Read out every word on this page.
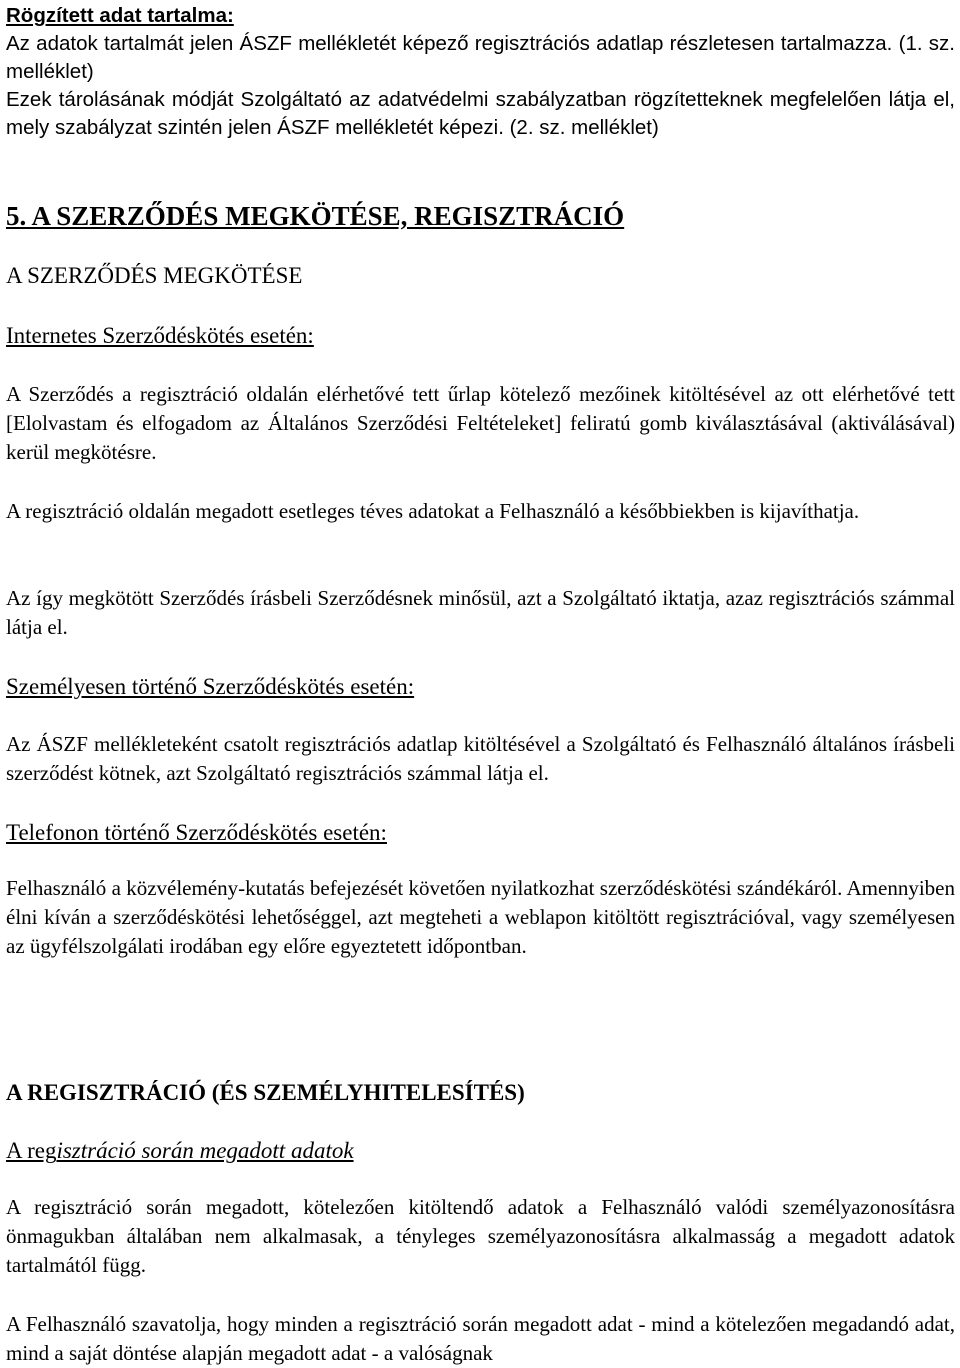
Rögzített adat tartalma:

Az adatok tartalmát jelen ÁSZF mellékletét képező regisztrációs adatlap részletesen tartalmazza. (1. sz. melléklet)

Ezek tárolásának módját Szolgáltató az adatvédelmi szabályzatban rögzítetteknek megfelelően látja el, mely szabályzat szintén jelen ÁSZF mellékletét képezi. (2. sz. melléklet)

5. A SZERZŐDÉS MEGKÖTÉSE, REGISZTRÁCIÓ

A SZERZŐDÉS MEGKÖTÉSE

Internetes Szerződéskötés esetén:

A Szerződés a regisztráció oldalán elérhetővé tett űrlap kötelező mezőinek kitöltésével az ott elérhetővé tett [Elolvastam és elfogadom az Általános Szerződési Feltételeket] feliratú gomb kiválasztásával (aktiválásával) kerül megkötésre.

A regisztráció oldalán megadott esetleges téves adatokat a Felhasználó a későbbiekben is kijavíthatja.

Az így megkötött Szerződés írásbeli Szerződésnek minősül, azt a Szolgáltató iktatja, azaz regisztrációs számmal látja el.

Személyesen történő Szerződéskötés esetén:

Az ÁSZF mellékleteként csatolt regisztrációs adatlap kitöltésével a Szolgáltató és Felhasználó általános írásbeli szerződést kötnek, azt Szolgáltató regisztrációs számmal látja el.

Telefonon történő Szerződéskötés esetén:

Felhasználó a közvélemény-kutatás befejezését követően nyilatkozhat szerződéskötési szándékáról. Amennyiben élni kíván a szerződéskötési lehetőséggel, azt megteheti a weblapon kitöltött regisztrációval, vagy személyesen az ügyfélszolgálati irodában egy előre egyeztetett időpontban.

A REGISZTRÁCIÓ (ÉS SZEMÉLYHITELESÍTÉS)

A regisztráció során megadott adatok

A regisztráció során megadott, kötelezően kitöltendő adatok a Felhasználó valódi személyazonosításra önmagukban általában nem alkalmasak, a tényleges személyazonosításra alkalmasság a megadott adatok tartalmától függ.

A Felhasználó szavatolja, hogy minden a regisztráció során megadott adat - mind a kötelezően megadandó adat, mind a saját döntése alapján megadott adat - a valóságnak
